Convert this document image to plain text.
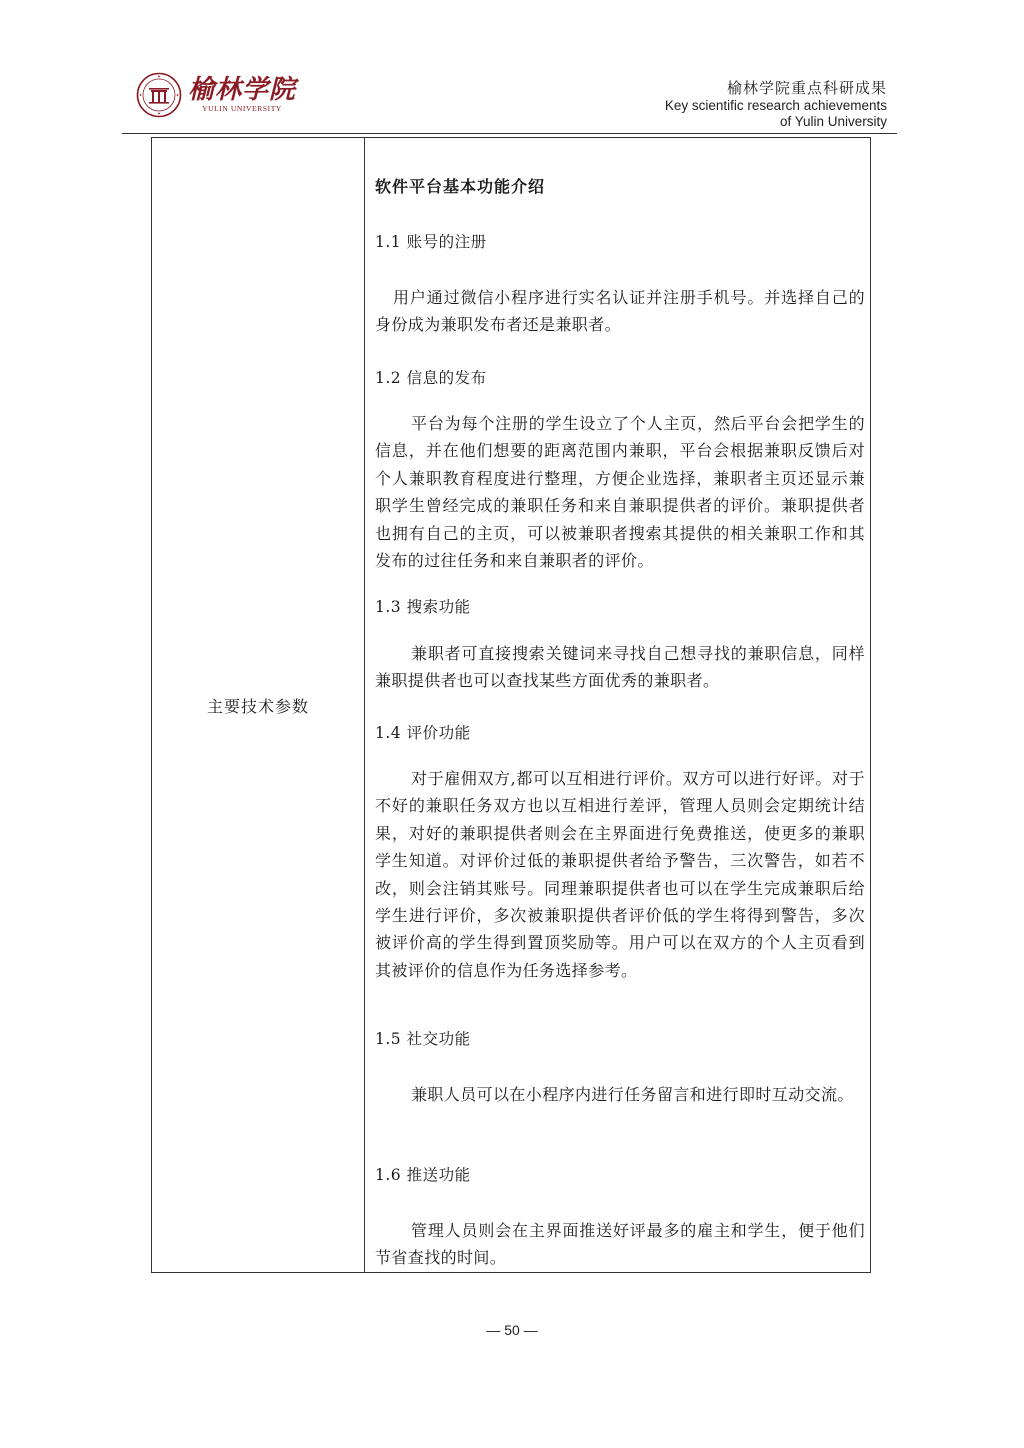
榆林学院
YULIN UNIVERSITY
榆林学院重点科研成果
Key scientific research achievements
of Yulin University
主要技术参数
软件平台基本功能介绍
1.1 账号的注册
用户通过微信小程序进行实名认证并注册手机号。并选择自己的身份成为兼职发布者还是兼职者。
1.2 信息的发布
平台为每个注册的学生设立了个人主页，然后平台会把学生的信息，并在他们想要的距离范围内兼职，平台会根据兼职反馈后对个人兼职教育程度进行整理，方便企业选择，兼职者主页还显示兼职学生曾经完成的兼职任务和来自兼职提供者的评价。兼职提供者也拥有自己的主页，可以被兼职者搜索其提供的相关兼职工作和其发布的过往任务和来自兼职者的评价。
1.3 搜索功能
兼职者可直接搜索关键词来寻找自己想寻找的兼职信息，同样兼职提供者也可以查找某些方面优秀的兼职者。
1.4 评价功能
对于雇佣双方,都可以互相进行评价。双方可以进行好评。对于不好的兼职任务双方也以互相进行差评，管理人员则会定期统计结果，对好的兼职提供者则会在主界面进行免费推送，使更多的兼职学生知道。对评价过低的兼职提供者给予警告，三次警告，如若不改，则会注销其账号。同理兼职提供者也可以在学生完成兼职后给学生进行评价，多次被兼职提供者评价低的学生将得到警告，多次被评价高的学生得到置顶奖励等。用户可以在双方的个人主页看到其被评价的信息作为任务选择参考。
1.5 社交功能
兼职人员可以在小程序内进行任务留言和进行即时互动交流。
1.6 推送功能
管理人员则会在主界面推送好评最多的雇主和学生，便于他们节省查找的时间。
— 50 —
